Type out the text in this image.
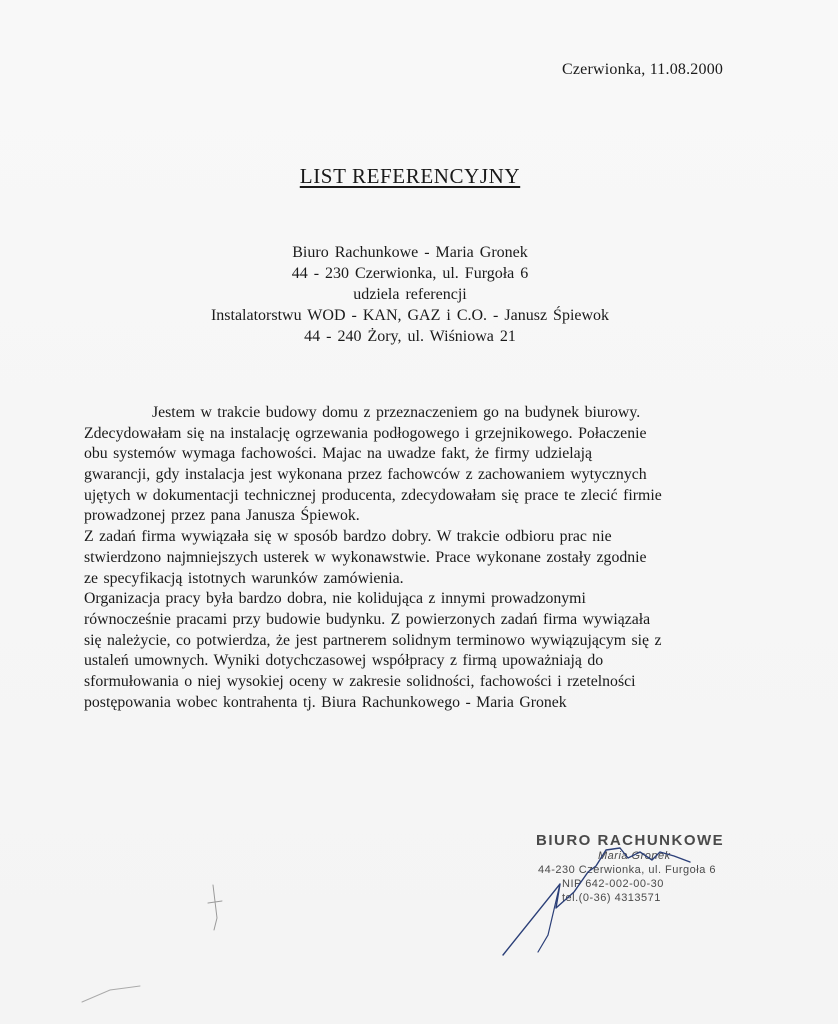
Czerwionka, 11.08.2000
LIST REFERENCYJNY
Biuro Rachunkowe - Maria Gronek
44 - 230 Czerwionka, ul. Furgoła 6
udziela referencji
Instalatorstwu WOD - KAN, GAZ i C.O. - Janusz Śpiewok
44 - 240 Żory, ul. Wiśniowa 21
Jestem w trakcie budowy domu z przeznaczeniem go na budynek biurowy.
Zdecydowałam się na instalację ogrzewania podłogowego i grzejnikowego. Połaczenie
obu systemów wymaga fachowości. Majac na uwadze fakt, że firmy udzielają
gwarancji, gdy instalacja jest wykonana przez fachowców z zachowaniem wytycznych
ujętych w dokumentacji technicznej producenta, zdecydowałam się prace te zlecić firmie
prowadzonej przez pana Janusza Śpiewok.
Z zadań firma wywiązała się w sposób bardzo dobry. W trakcie odbioru prac nie
stwierdzono najmniejszych usterek w wykonawstwie. Prace wykonane zostały zgodnie
ze specyfikacją istotnych warunków zamówienia.
Organizacja pracy była bardzo dobra, nie kolidująca z innymi prowadzonymi
równocześnie pracami przy budowie budynku. Z powierzonych zadań firma wywiązała
się należycie, co potwierdza, że jest partnerem solidnym terminowo wywiązującym się z
ustaleń umownych. Wyniki dotychczasowej współpracy z firmą upoważniają do
sformułowania o niej wysokiej oceny w zakresie solidności, fachowości i rzetelności
postępowania wobec kontrahenta tj. Biura Rachunkowego - Maria Gronek
BIURO RACHUNKOWE
Maria Gronek
44-230 Czerwionka, ul. Furgoła 6
NIP 642-002-00-30
tel.(0-36) 4313571
